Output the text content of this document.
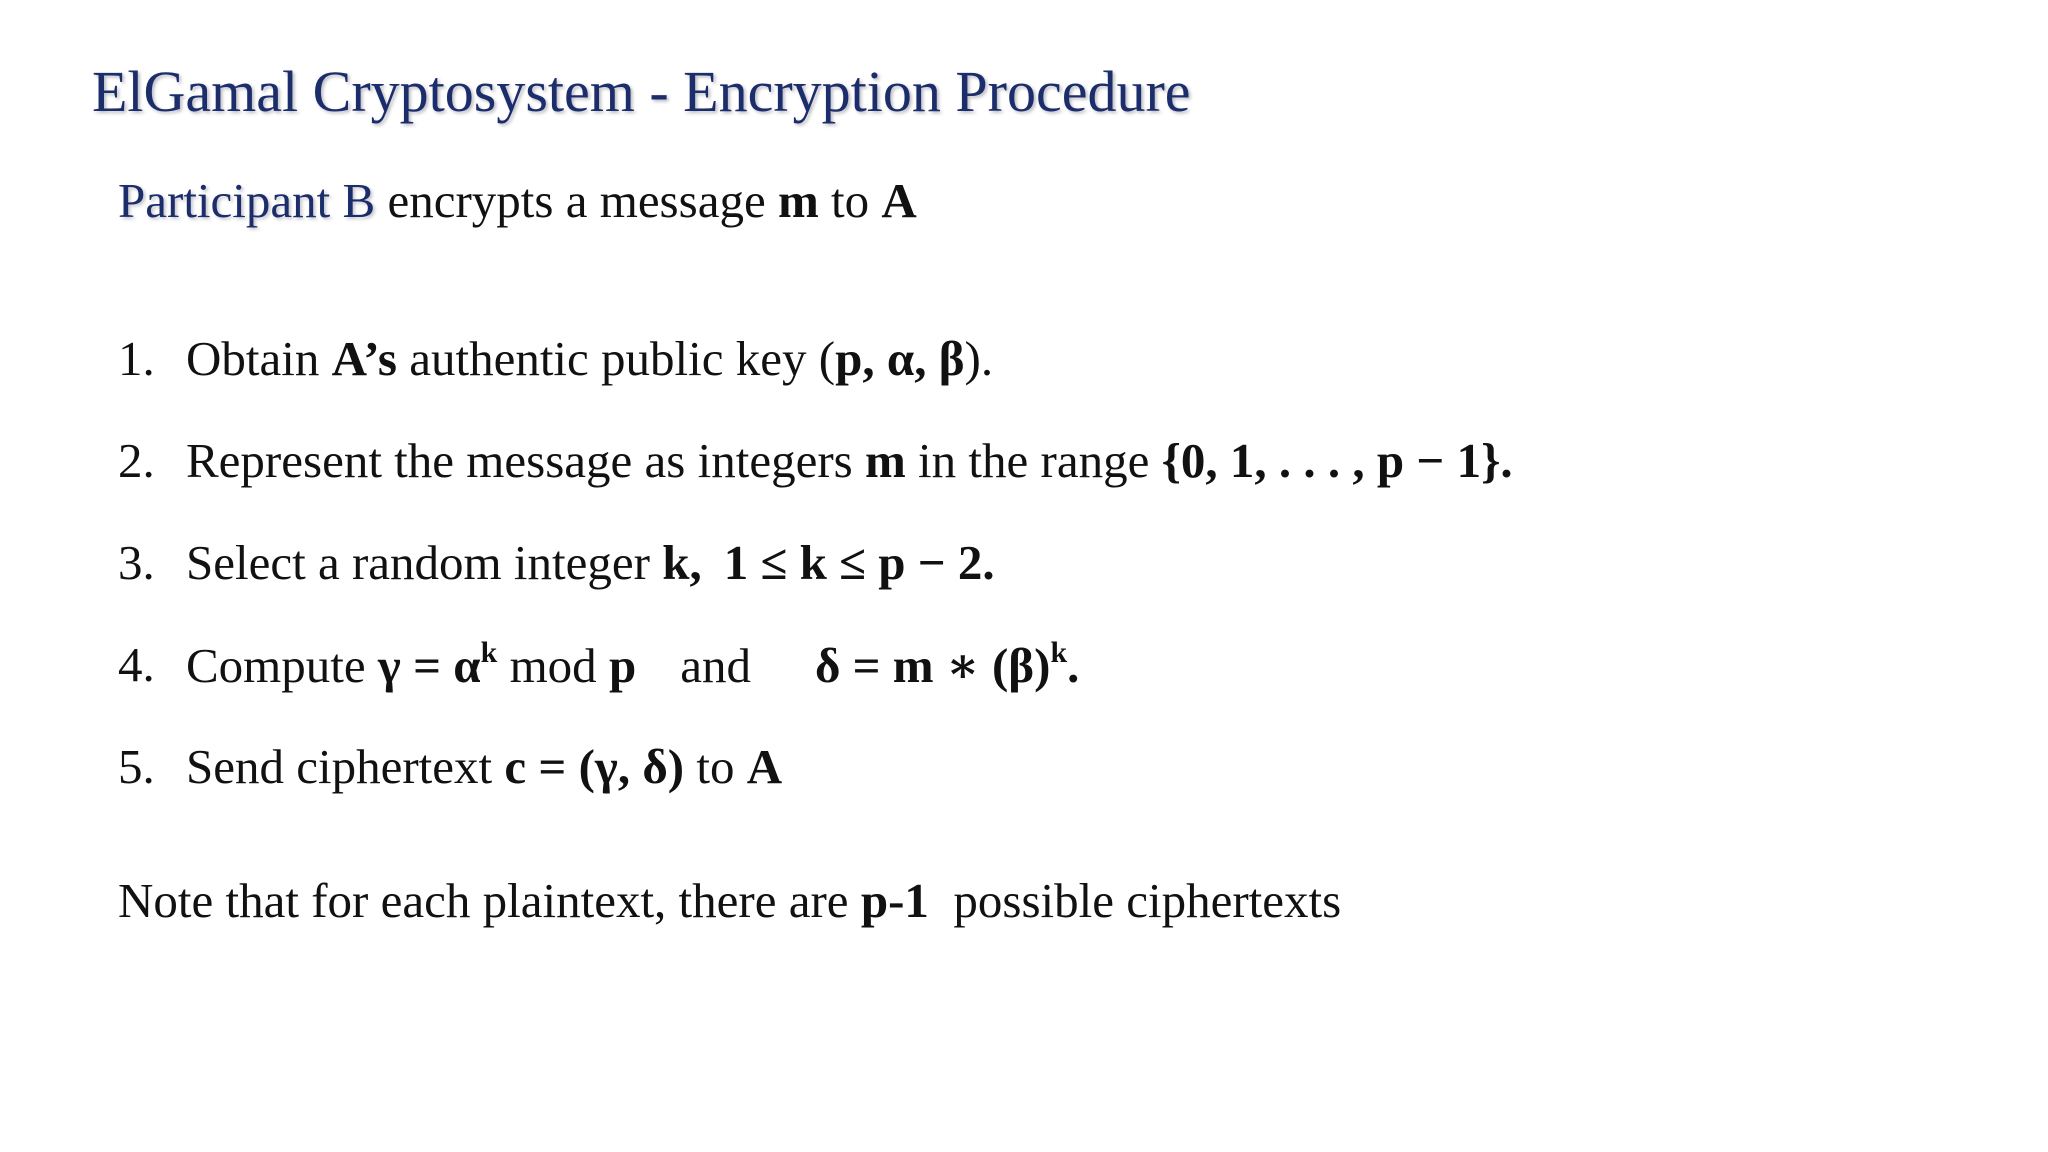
ElGamal Cryptosystem - Encryption Procedure
Participant B encrypts a message m to A
1. Obtain A’s authentic public key (p, α, β).
2. Represent the message as integers m in the range {0, 1, . . . , p − 1}.
3. Select a random integer k, 1 ≤ k ≤ p − 2.
4. Compute $\gamma = \alpha^k$ mod p and δ = m ∗ $(\beta)^k$.
5. Send ciphertext c = (γ, δ) to A
Note that for each plaintext, there are p-1  possible ciphertexts
